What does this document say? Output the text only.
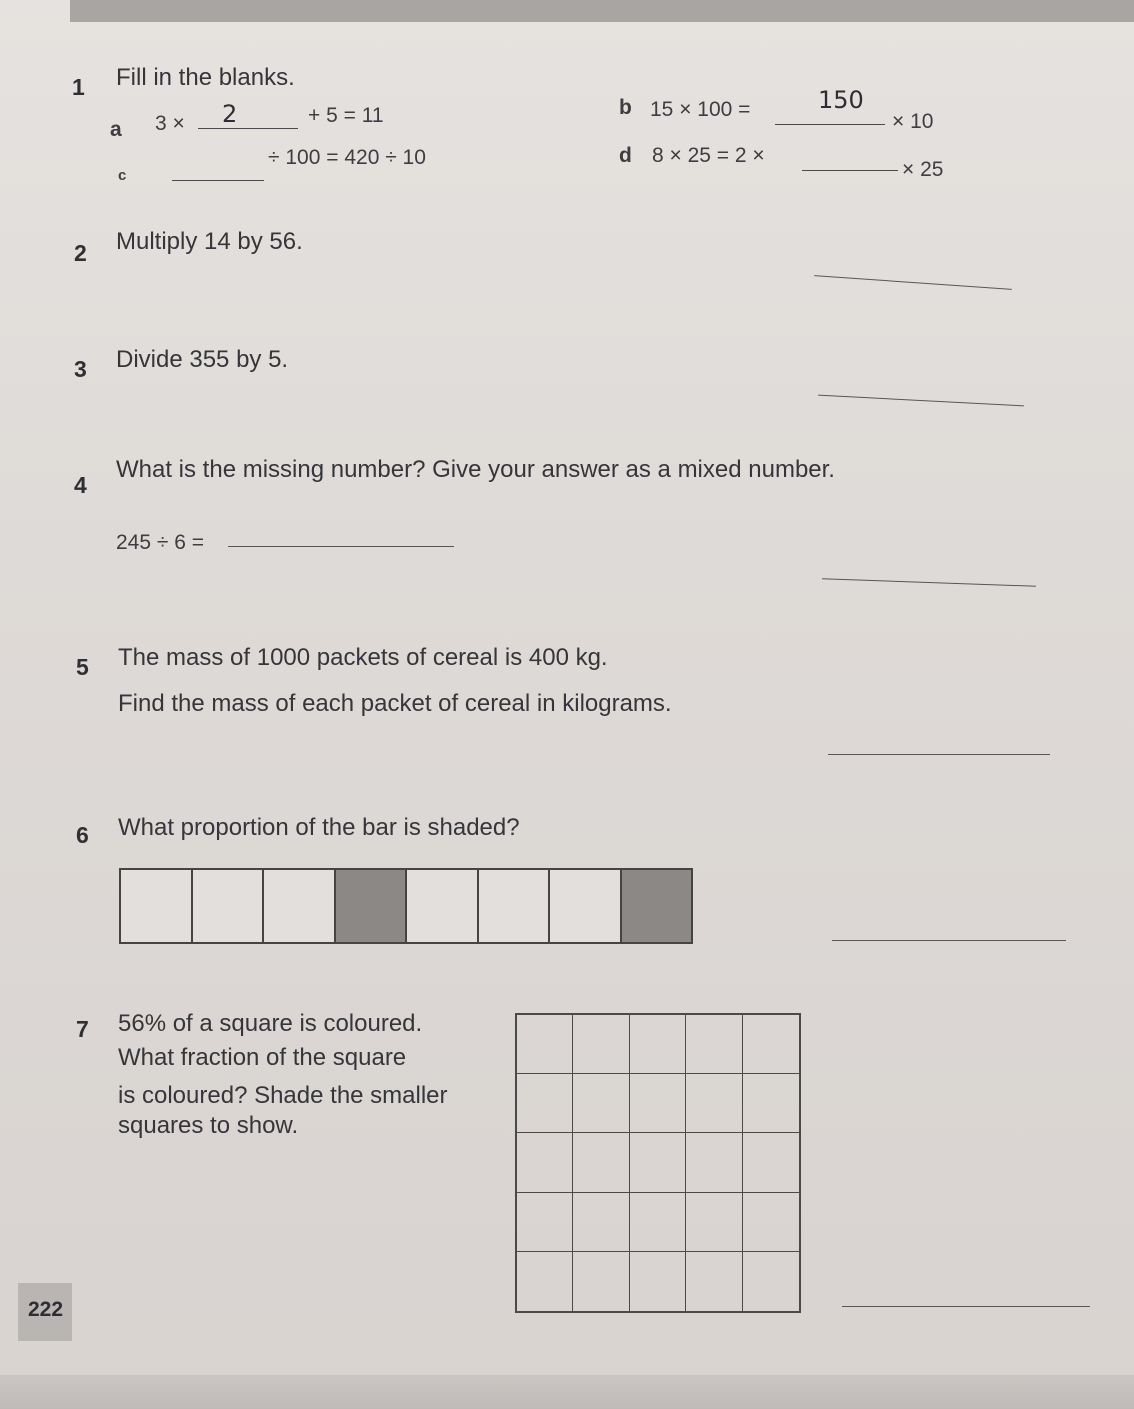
1 Fill in the blanks.
a 3 × 2	+ 5 = 11	b 15 × 100 =	150
× 10
c
÷ 100 = 420 ÷ 10	d 8 × 25 = 2 ×
× 25
2 Multiply 14 by 56.
3 Divide 355 by 5.
4
What is the missing number? Give your answer as a mixed number.
245 ÷ 6 =
5 The mass of 1000 packets of cereal is 400 kg.
Find the mass of each packet of cereal in kilograms.
6 What proportion of the bar is shaded?
7 56% of a square is coloured.
What fraction of the square
is coloured? Shade the smaller
squares to show.
222
